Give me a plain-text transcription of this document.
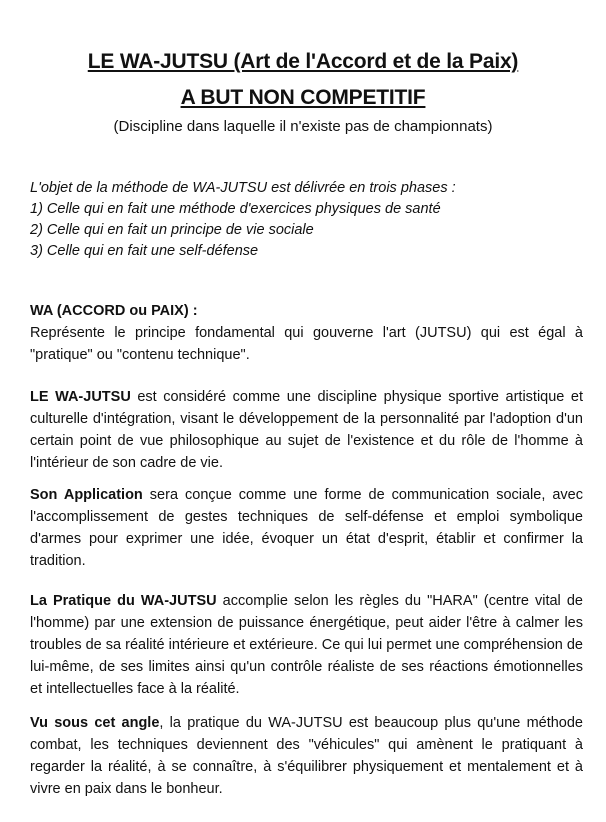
LE WA-JUTSU (Art de l'Accord et de la Paix)
A BUT NON COMPETITIF
(Discipline dans laquelle il n'existe pas de championnats)
L'objet de la méthode de WA-JUTSU est délivrée en trois phases :
1) Celle qui en fait une méthode d'exercices physiques de santé
2) Celle qui en fait un principe de vie sociale
3) Celle qui en fait une self-défense
WA (ACCORD ou PAIX) :
Représente le principe fondamental qui gouverne l'art (JUTSU) qui est égal à "pratique" ou "contenu technique".
LE WA-JUTSU est considéré comme une discipline physique sportive artistique et culturelle d'intégration, visant le développement de la personnalité par l'adoption d'un certain point de vue philosophique au sujet de l'existence et du rôle de l'homme à l'intérieur de son cadre de vie.
Son Application sera conçue comme une forme de communication sociale, avec l'accomplissement de gestes techniques de self-défense et emploi symbolique d'armes pour exprimer une idée, évoquer un état d'esprit, établir et confirmer la tradition.
La Pratique du WA-JUTSU accomplie selon les règles du "HARA" (centre vital de l'homme) par une extension de puissance énergétique, peut aider l'être à calmer les troubles de sa réalité intérieure et extérieure. Ce qui lui permet une compréhension de lui-même, de ses limites ainsi qu'un contrôle réaliste de ses réactions émotionnelles et intellectuelles face à la réalité.
Vu sous cet angle, la pratique du WA-JUTSU est beaucoup plus qu'une méthode combat, les techniques deviennent des "véhicules" qui amènent le pratiquant à regarder la réalité, à se connaître, à s'équilibrer physiquement et mentalement et à vivre en paix dans le bonheur.
